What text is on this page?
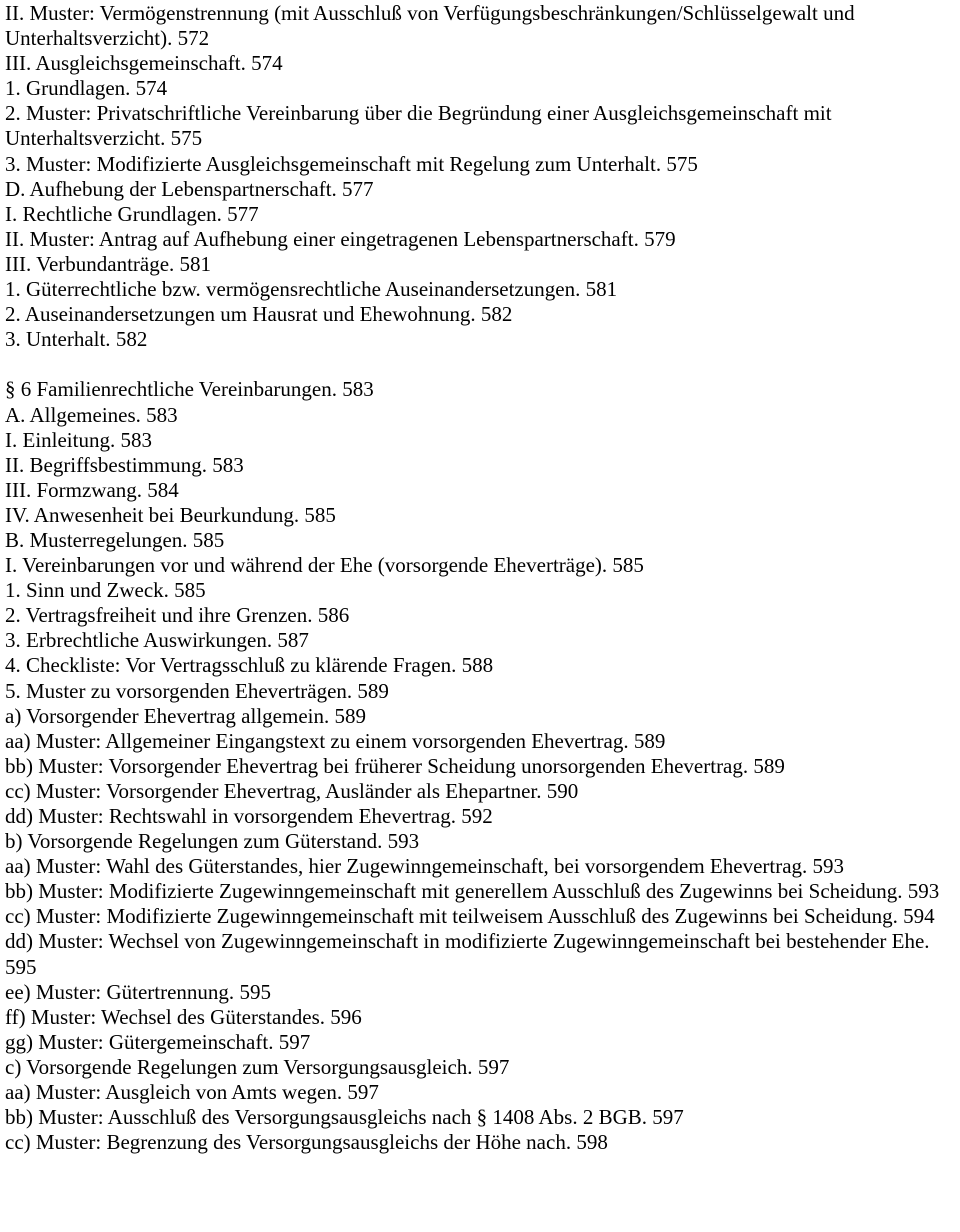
II. Muster: Vermögenstrennung (mit Ausschluß von Verfügungsbeschränkungen/Schlüsselgewalt und Unterhaltsverzicht). 572
III. Ausgleichsgemeinschaft. 574
1. Grundlagen. 574
2. Muster: Privatschriftliche Vereinbarung über die Begründung einer Ausgleichsgemeinschaft mit Unterhaltsverzicht. 575
3. Muster: Modifizierte Ausgleichsgemeinschaft mit Regelung zum Unterhalt. 575
D. Aufhebung der Lebenspartnerschaft. 577
I. Rechtliche Grundlagen. 577
II. Muster: Antrag auf Aufhebung einer eingetragenen Lebenspartnerschaft. 579
III. Verbundanträge. 581
1. Güterrechtliche bzw. vermögensrechtliche Auseinandersetzungen. 581
2. Auseinandersetzungen um Hausrat und Ehewohnung. 582
3. Unterhalt. 582
§ 6 Familienrechtliche Vereinbarungen. 583
A. Allgemeines. 583
I. Einleitung. 583
II. Begriffsbestimmung. 583
III. Formzwang. 584
IV. Anwesenheit bei Beurkundung. 585
B. Musterregelungen. 585
I. Vereinbarungen vor und während der Ehe (vorsorgende Eheverträge). 585
1. Sinn und Zweck. 585
2. Vertragsfreiheit und ihre Grenzen. 586
3. Erbrechtliche Auswirkungen. 587
4. Checkliste: Vor Vertragsschluß zu klärende Fragen. 588
5. Muster zu vorsorgenden Eheverträgen. 589
a) Vorsorgender Ehevertrag allgemein. 589
aa) Muster: Allgemeiner Eingangstext zu einem vorsorgenden Ehevertrag. 589
bb) Muster: Vorsorgender Ehevertrag bei früherer Scheidung unorsorgenden Ehevertrag. 589
cc) Muster: Vorsorgender Ehevertrag, Ausländer als Ehepartner. 590
dd) Muster: Rechtswahl in vorsorgendem Ehevertrag. 592
b) Vorsorgende Regelungen zum Güterstand. 593
aa) Muster: Wahl des Güterstandes, hier Zugewinngemeinschaft, bei vorsorgendem Ehevertrag. 593
bb) Muster: Modifizierte Zugewinngemeinschaft mit generellem Ausschluß des Zugewinns bei Scheidung. 593
cc) Muster: Modifizierte Zugewinngemeinschaft mit teilweisem Ausschluß des Zugewinns bei Scheidung. 594
dd) Muster: Wechsel von Zugewinngemeinschaft in modifizierte Zugewinngemeinschaft bei bestehender Ehe. 595
ee) Muster: Gütertrennung. 595
ff) Muster: Wechsel des Güterstandes. 596
gg) Muster: Gütergemeinschaft. 597
c) Vorsorgende Regelungen zum Versorgungsausgleich. 597
aa) Muster: Ausgleich von Amts wegen. 597
bb) Muster: Ausschluß des Versorgungsausgleichs nach § 1408 Abs. 2 BGB. 597
cc) Muster: Begrenzung des Versorgungsausgleichs der Höhe nach. 598
